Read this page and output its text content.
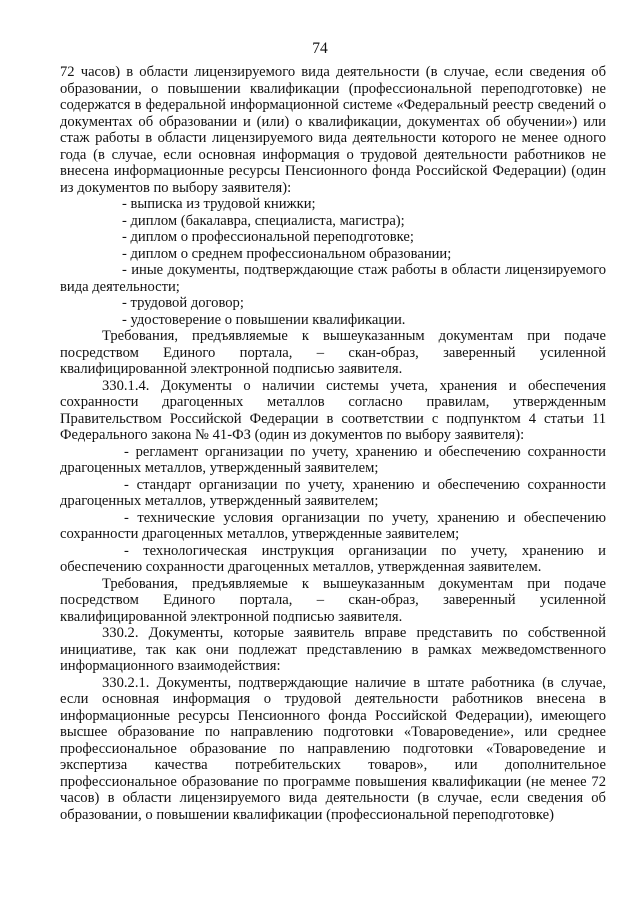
74

72 часов) в области лицензируемого вида деятельности (в случае, если сведения об образовании, о повышении квалификации (профессиональной переподготовке) не содержатся в федеральной информационной системе «Федеральный реестр сведений о документах об образовании и (или) о квалификации, документах об обучении») или стаж работы в области лицензируемого вида деятельности которого не менее одного года (в случае, если основная информация о трудовой деятельности работников не внесена информационные ресурсы Пенсионного фонда Российской Федерации) (один из документов по выбору заявителя):

- выписка из трудовой книжки;

- диплом (бакалавра, специалиста, магистра);

- диплом о профессиональной переподготовке;

- диплом о среднем профессиональном образовании;

- иные документы, подтверждающие стаж работы в области лицензируемого вида деятельности;

- трудовой договор;

- удостоверение о повышении квалификации.

Требования, предъявляемые к вышеуказанным документам при подаче посредством Единого портала, – скан-образ, заверенный усиленной квалифицированной электронной подписью заявителя.

330.1.4. Документы о наличии системы учета, хранения и обеспечения сохранности драгоценных металлов согласно правилам, утвержденным Правительством Российской Федерации в соответствии с подпунктом 4 статьи 11 Федерального закона № 41-ФЗ (один из документов по выбору заявителя):

- регламент организации по учету, хранению и обеспечению сохранности драгоценных металлов, утвержденный заявителем;

- стандарт организации по учету, хранению и обеспечению сохранности драгоценных металлов, утвержденный заявителем;

- технические условия организации по учету, хранению и обеспечению сохранности драгоценных металлов, утвержденные заявителем;

- технологическая инструкция организации по учету, хранению и обеспечению сохранности драгоценных металлов, утвержденная заявителем.

Требования, предъявляемые к вышеуказанным документам при подаче посредством Единого портала, – скан-образ, заверенный усиленной квалифицированной электронной подписью заявителя.

330.2. Документы, которые заявитель вправе представить по собственной инициативе, так как они подлежат представлению в рамках межведомственного информационного взаимодействия:

330.2.1. Документы, подтверждающие наличие в штате работника (в случае, если основная информация о трудовой деятельности работников внесена в информационные ресурсы Пенсионного фонда Российской Федерации), имеющего высшее образование по направлению подготовки «Товароведение», или среднее профессиональное образование по направлению подготовки «Товароведение и экспертиза качества потребительских товаров», или дополнительное профессиональное образование по программе повышения квалификации (не менее 72 часов) в области лицензируемого вида деятельности (в случае, если сведения об образовании, о повышении квалификации (профессиональной переподготовке)
